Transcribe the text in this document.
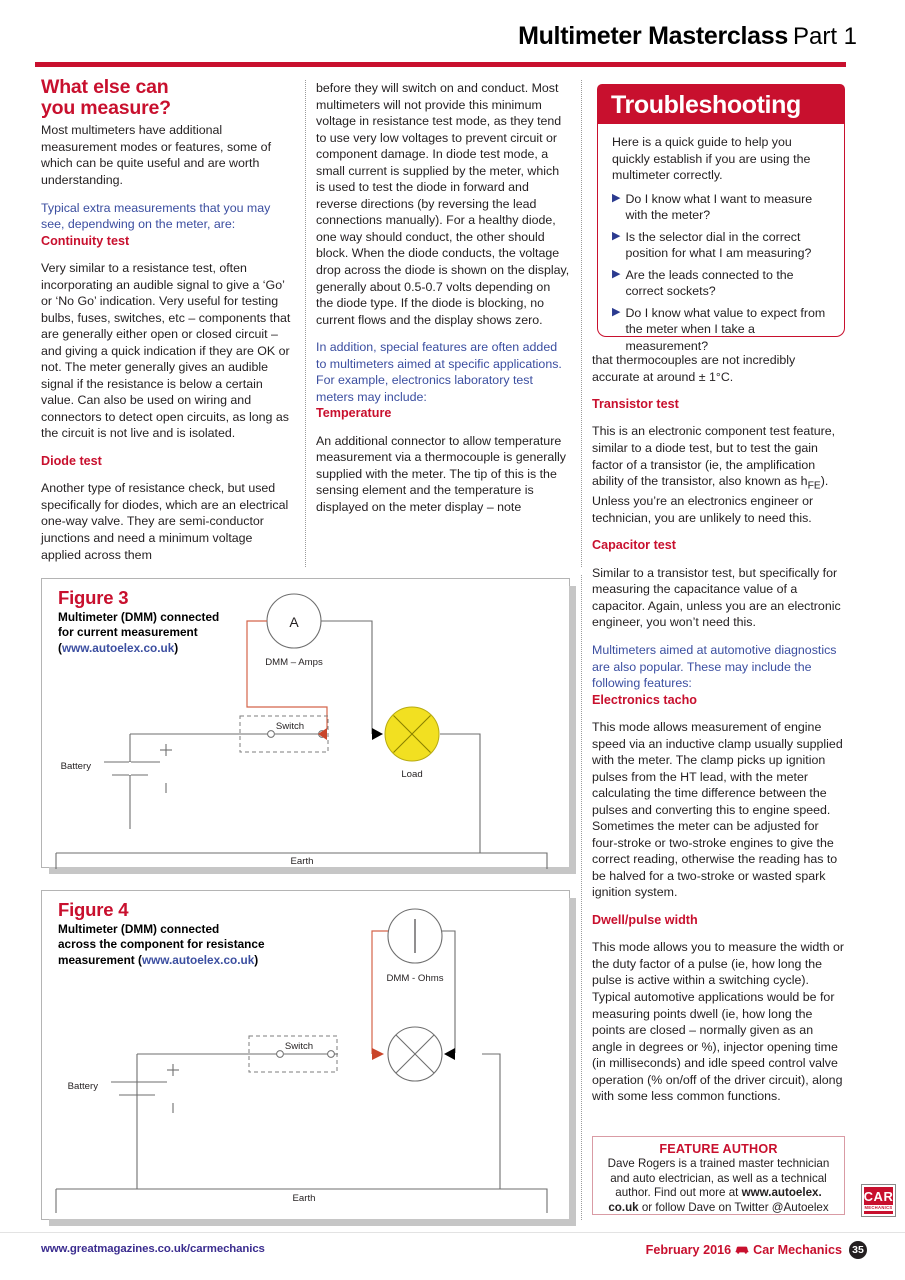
Multimeter Masterclass Part 1
What else can
you measure?

Most multimeters have additional measurement modes or features, some of which can be quite useful and are worth understanding.

Typical extra measurements that you may see, dependwing on the meter, are:

Continuity test

Very similar to a resistance test, often incorporating an audible signal to give a ‘Go’ or ‘No Go’ indication. Very useful for testing bulbs, fuses, switches, etc – components that are generally either open or closed circuit – and giving a quick indication if they are OK or not. The meter generally gives an audible signal if the resistance is below a certain value. Can also be used on wiring and connectors to detect open circuits, as long as the circuit is not live and is isolated.

Diode test

Another type of resistance check, but used specifically for diodes, which are an electrical one-way valve. They are semi-conductor junctions and need a minimum voltage applied across them

before they will switch on and conduct. Most multimeters will not provide this minimum voltage in resistance test mode, as they tend to use very low voltages to prevent circuit or component damage. In diode test mode, a small current is supplied by the meter, which is used to test the diode in forward and reverse directions (by reversing the lead connections manually). For a healthy diode, one way should conduct, the other should block. When the diode conducts, the voltage drop across the diode is shown on the display, generally about 0.5-0.7 volts depending on the diode type. If the diode is blocking, no current flows and the display shows zero.

In addition, special features are often added to multimeters aimed at specific applications. For example, electronics laboratory test meters may include:

Temperature

An additional connector to allow temperature measurement via a thermocouple is generally supplied with the meter. The tip of this is the sensing element and the temperature is displayed on the meter display – note

Troubleshooting
Here is a quick guide to help you quickly establish if you are using the multimeter correctly.
▶ Do I know what I want to measure with the meter?
▶ Is the selector dial in the correct position for what I am measuring?
▶ Are the leads connected to the correct sockets?
▶ Do I know what value to expect from the meter when I take a measurement?

that thermocouples are not incredibly accurate at around ± 1°C.

Transistor test

This is an electronic component test feature, similar to a diode test, but to test the gain factor of a transistor (ie, the amplification ability of the transistor, also known as $h_{FE}$). Unless you’re an electronics engineer or technician, you are unlikely to need this.

Capacitor test

Similar to a transistor test, but specifically for measuring the capacitance value of a capacitor. Again, unless you are an electronic engineer, you won’t need this.

Multimeters aimed at automotive diagnostics are also popular. These may include the following features:

Electronics tacho

This mode allows measurement of engine speed via an inductive clamp usually supplied with the meter. The clamp picks up ignition pulses from the HT lead, with the meter calculating the time difference between the pulses and converting this to engine speed. Sometimes the meter can be adjusted for four-stroke or two-stroke engines to give the correct reading, otherwise the reading has to be halved for a two-stroke or wasted spark ignition system.

Dwell/pulse width

This mode allows you to measure the width or the duty factor of a pulse (ie, how long the pulse is active within a switching cycle). Typical automotive applications would be for measuring points dwell (ie, how long the points are closed – normally given as an angle in degrees or %), injector opening time (in milliseconds) and idle speed control valve operation (% on/off of the driver circuit), along with some less common functions.

Figure 3
Multimeter (DMM) connected
for current measurement
(www.autoelex.co.uk)
A
DMM – Amps
Switch
Battery
Load
Earth
Figure 4
Multimeter (DMM) connected
across the component for resistance
measurement (www.autoelex.co.uk)
DMM - Ohms
Switch
Battery
Earth
FEATURE AUTHOR
Dave Rogers is a trained master technician and auto electrician, as well as a technical author. Find out more at www.autoelex. co.uk or follow Dave on Twitter @Autoelex
CAR
MECHANICS
www.greatmagazines.co.uk/carmechanics	February 2016 Car Mechanics 35
